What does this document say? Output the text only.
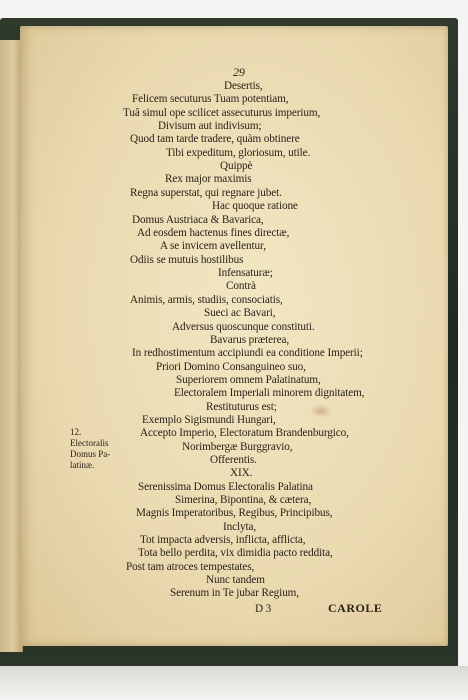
29
Desertis,
Felicem secuturus Tuam potentiam,
Tuâ simul ope scilicet assecuturus imperium,
Divisum aut indivisum;
Quod tam tarde tradere, quàm obtinere
Tibi expeditum, gloriosum, utile.
Quippè
Rex major maximis
Regna superstat, qui regnare jubet.
Hac quoque ratione
Domus Austriaca & Bavarica,
Ad eosdem hactenus fines directæ,
A se invicem avellentur,
Odiis se mutuis hostilibus
Infensaturæ;
Contrà
Animis, armis, studiis, consociatis,
Sueci ac Bavari,
Adversus quoscunque constituti.
Bavarus præterea,
In redhostimentum accipiundi ea conditione Imperii;
Priori Domino Consanguineo suo,
Superiorem omnem Palatinatum,
Electoralem Imperiali minorem dignitatem,
Restituturus est;
Exemplo Sigismundi Hungari,
Accepto Imperio, Electoratum Brandenburgico,
Norimbergæ Burggravio,
Offerentis.
XIX.
Serenissima Domus Electoralis Palatina
Simerina, Bipontina, & cætera,
Magnis Imperatoribus, Regibus, Principibus,
Inclyta,
Tot impacta adversis, inflicta, afflicta,
Tota bello perdita, vix dimidia pacto reddita,
Post tam atroces tempestates,
Nunc tandem
Serenum in Te jubar Regium,
D 3	CAROLE
12.
Electoralis
Domus Pa-
latinæ.
